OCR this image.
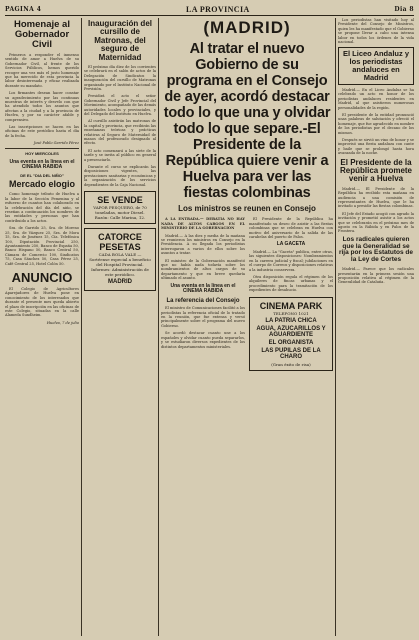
PAGINA 4	LA PROVINCIA	Dia 8
Homenaje al Gobernador Civil

Primeros a responder el inmenso sentido de amor a Huelva de su Gobernador Civil, al frente de los Servicios Públicos, hemos querido recoger una vez más el justo homenaje que ha merecido de esta provincia la labor desinteresada y eficaz realizada durante su mandato.

Los firmantes desean hacer constar su agradecimiento por las continuas muestras de interés y desvelo con que ha atendido todos los asuntos que afectan a la ciudad y a la provincia de Huelva, y por su carácter afable y comprensivo.

Las inscripciones se hacen en las oficinas de este periódico hasta el día de la fecha.

José Pablo Garrido Pérez
HOY MIERCOLES
Una eventa en la línea en el CINEMA RABIDA
DE EL "DIA DEL NIÑO"
Mercado elogio

Como homenaje tributo de Huelva a la labor de la Sección Femenina y al esfuerzo de cuantos han colaborado en la celebración del día del niño, se reseñan a continuación los nombres de las entidades y personas que han contribuido a los actos.

Sra. de Garrido 25, Sra. de Moreno 25, Sra. de Vázquez 25, Sra. de Mora 15, Sra. de Jiménez 15, Cía. Telefónica 100, Diputación Provincial 250, Ayuntamiento 250, Banco de España 50, Banco Hispano 50, Banco Central 50, Cámara de Comercio 100, Sindicatos 75, Casa Sánchez 50, Casa Pérez 25, Café Central 25, Hotel Colón 50.

ANUNCIO

El Colegio de Agricultores Aparejadores de Huelva pone en conocimiento de los interesados que durante el presente mes queda abierto el plazo de inscripción en las oficinas de este Colegio, situadas en la calle Alameda Sundheim.

Huelva, 7 de julio
Inauguración del cursillo de Matronas, del seguro de Maternidad

El próximo día diez de los corrientes se celebrará en el salón de actos de la Delegación de Sindicatos la inauguración del cursillo de Matronas organizado por el Instituto Nacional de Previsión.

Presidirá el acto el señor Gobernador Civil y Jefe Provincial del Movimiento, acompañado de las demás autoridades locales y provinciales, y del Delegado del Instituto en Huelva.

Al cursillo asistirán las matronas de la capital y provincia, que recibirán las enseñanzas teóricas y prácticas relativas al Seguro de Maternidad de manos del profesorado designado al efecto.

El acto comenzará a las siete de la tarde y se invita al público en general a presenciarlo.

Durante el curso se explicarán las disposiciones vigentes, las prestaciones sanitarias y económicas y la organización de los servicios dependientes de la Caja Nacional.

SE VENDE
VAPOR PESQUERO, de 70 toneladas, motor Diesel. Razón: Calle Marina, 12.
CATORCE PESETAS
CADA BOLA VALE — Sortéense especial a beneficio del Hospital Provincial. Informes: Administración de este periódico.
MADRID
(MADRID)
Al tratar el nuevo Gobierno de su programa en el Consejo de ayer, acordó destacar todo lo que una y olvidar todo lo que separe.-El Presidente de la República quiere venir a Huelva para ver las fiestas colombinas
Los ministros se reunen en Consejo

A LA ENTRADA.— DEBATIA NO HAY NADA DE ALTOS CARGOS EN EL MINISTERIO DE LA GOBERNACION

Madrid.— A las diez y media de la mañana se reunieron los ministros en Consejo en la Presidencia. A su llegada los periodistas interrogaron a varios de ellos sobre los asuntos a tratar.

El ministro de la Gobernación manifestó que no había nada todavía sobre los nombramientos de altos cargos de su departamento y que en breve quedaría ultimado el asunto.

Una eventa en la línea en el CINEMA RABIDA
La referencia del Consejo

El ministro de Comunicaciones facilitó a los periodistas la referencia oficial de lo tratado en la reunión, que fue extensa y versó principalmente sobre el programa del nuevo Gobierno.

Se acordó destacar cuanto une a los españoles y olvidar cuanto pueda separarlos, y se estudiaron diversos expedientes de los distintos departamentos ministeriales.

El Presidente de la República ha manifestado su deseo de asistir a las fiestas colombinas que se celebran en Huelva con motivo del aniversario de la salida de las carabelas del puerto de Palos.

LA GACETA

Madrid.— La "Gaceta" publica, entre otras, las siguientes disposiciones: Nombramientos en la carrera judicial y fiscal; jubilaciones en el cuerpo de Correos y disposiciones relativas a la industria conservera.

Otra disposición regula el régimen de los alquileres de fincas urbanas y el procedimiento para la tramitación de los expedientes de desahucio.

CINEMA PARK
TELEFONO 1021
LA PATRIA CHICA
AGUA, AZUCARILLOS Y AGUARDIENTE
EL ORGANISTA
LAS PUPILAS DE LA CHARO
(Gran éxito de risa)

Los periodistas han visitado hoy al Presidente del Consejo de Ministros, quien les ha manifestado que el Gobierno se propone llevar a cabo una intensa labor en todos los órdenes de la vida nacional.

El Liceo Andaluz y los periodistas andaluces en Madrid

Madrid.— En el Liceo Andaluz se ha celebrado un acto en honor de los periodistas andaluces residentes en Madrid, al que asistieron numerosas personalidades de la región.

El presidente de la entidad pronunció unas palabras de salutación y ofreció el homenaje, que fue agradecido en nombre de los periodistas por el decano de los mismos.

Después se sirvió un vino de honor y se improvisó una fiesta andaluza con cante y baile que se prolongó hasta hora avanzada de la noche.

El Presidente de la República promete venir a Huelva

Madrid.— El Presidente de la República ha recibido esta mañana en audiencia a una comisión de representantes de Huelva, que le ha invitado a presidir las fiestas colombinas.

El Jefe del Estado acogió con agrado la invitación y prometió asistir a los actos que se celebrarán en el próximo mes de agosto en la Rábida y en Palos de la Frontera.

Los radicales quieren que la Generalidad se rija por los Estatutos de la Ley de Cortes

Madrid.— Parece que los radicales presentarán en la primera sesión una proposición relativa al régimen de la Generalidad de Cataluña.
